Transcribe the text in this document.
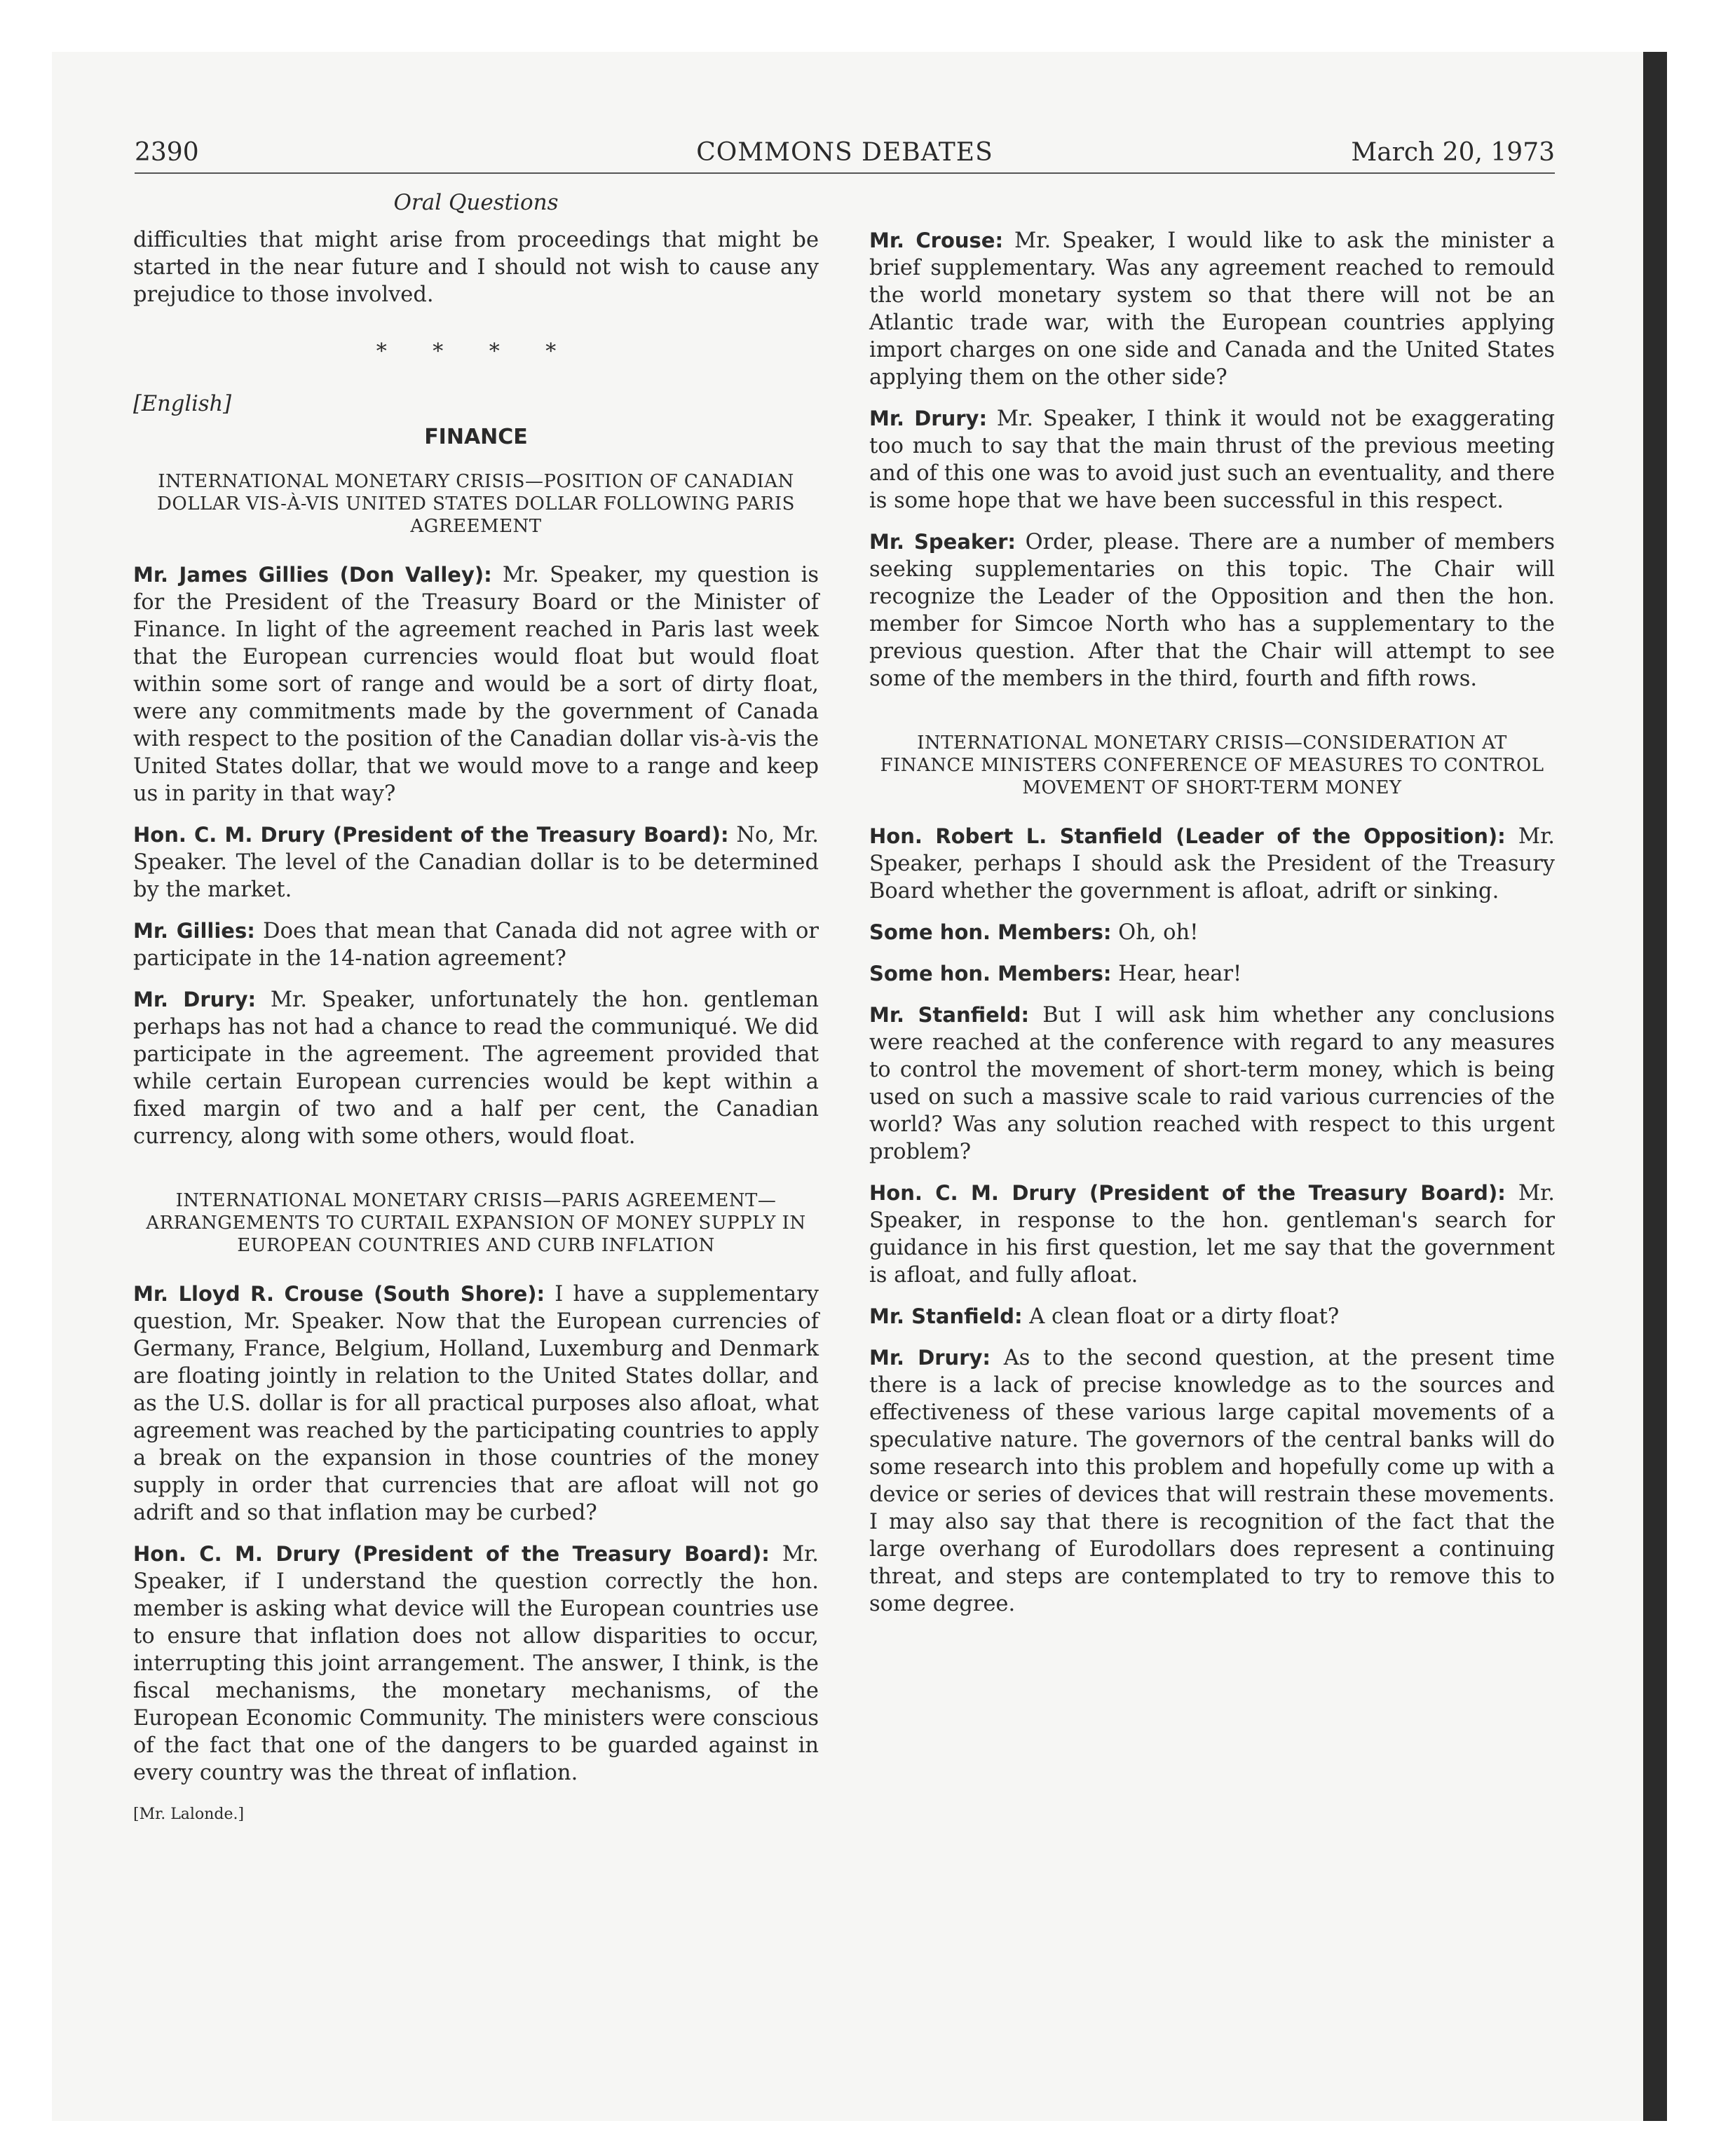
2390	COMMONS DEBATES	March 20, 1973
Oral Questions

difficulties that might arise from proceedings that might be started in the near future and I should not wish to cause any prejudice to those involved.

* * * *
[English]
FINANCE
INTERNATIONAL MONETARY CRISIS—POSITION OF CANADIAN DOLLAR VIS-À-VIS UNITED STATES DOLLAR FOLLOWING PARIS AGREEMENT

Mr. James Gillies (Don Valley): Mr. Speaker, my question is for the President of the Treasury Board or the Minister of Finance. In light of the agreement reached in Paris last week that the European currencies would float but would float within some sort of range and would be a sort of dirty float, were any commitments made by the government of Canada with respect to the position of the Canadian dollar vis-à-vis the United States dollar, that we would move to a range and keep us in parity in that way?

Hon. C. M. Drury (President of the Treasury Board): No, Mr. Speaker. The level of the Canadian dollar is to be determined by the market.

Mr. Gillies: Does that mean that Canada did not agree with or participate in the 14-nation agreement?

Mr. Drury: Mr. Speaker, unfortunately the hon. gentleman perhaps has not had a chance to read the communiqué. We did participate in the agreement. The agreement provided that while certain European currencies would be kept within a fixed margin of two and a half per cent, the Canadian currency, along with some others, would float.

INTERNATIONAL MONETARY CRISIS—PARIS AGREEMENT—ARRANGEMENTS TO CURTAIL EXPANSION OF MONEY SUPPLY IN EUROPEAN COUNTRIES AND CURB INFLATION

Mr. Lloyd R. Crouse (South Shore): I have a supplementary question, Mr. Speaker. Now that the European currencies of Germany, France, Belgium, Holland, Luxemburg and Denmark are floating jointly in relation to the United States dollar, and as the U.S. dollar is for all practical purposes also afloat, what agreement was reached by the participating countries to apply a break on the expansion in those countries of the money supply in order that currencies that are afloat will not go adrift and so that inflation may be curbed?

Hon. C. M. Drury (President of the Treasury Board): Mr. Speaker, if I understand the question correctly the hon. member is asking what device will the European countries use to ensure that inflation does not allow disparities to occur, interrupting this joint arrangement. The answer, I think, is the fiscal mechanisms, the monetary mechanisms, of the European Economic Community. The ministers were conscious of the fact that one of the dangers to be guarded against in every country was the threat of inflation.

[Mr. Lalonde.]

Mr. Crouse: Mr. Speaker, I would like to ask the minister a brief supplementary. Was any agreement reached to remould the world monetary system so that there will not be an Atlantic trade war, with the European countries applying import charges on one side and Canada and the United States applying them on the other side?

Mr. Drury: Mr. Speaker, I think it would not be exaggerating too much to say that the main thrust of the previous meeting and of this one was to avoid just such an eventuality, and there is some hope that we have been successful in this respect.

Mr. Speaker: Order, please. There are a number of members seeking supplementaries on this topic. The Chair will recognize the Leader of the Opposition and then the hon. member for Simcoe North who has a supplementary to the previous question. After that the Chair will attempt to see some of the members in the third, fourth and fifth rows.

INTERNATIONAL MONETARY CRISIS—CONSIDERATION AT FINANCE MINISTERS CONFERENCE OF MEASURES TO CONTROL MOVEMENT OF SHORT-TERM MONEY

Hon. Robert L. Stanfield (Leader of the Opposition): Mr. Speaker, perhaps I should ask the President of the Treasury Board whether the government is afloat, adrift or sinking.

Some hon. Members: Oh, oh!

Some hon. Members: Hear, hear!

Mr. Stanfield: But I will ask him whether any conclusions were reached at the conference with regard to any measures to control the movement of short-term money, which is being used on such a massive scale to raid various currencies of the world? Was any solution reached with respect to this urgent problem?

Hon. C. M. Drury (President of the Treasury Board): Mr. Speaker, in response to the hon. gentleman's search for guidance in his first question, let me say that the government is afloat, and fully afloat.

Mr. Stanfield: A clean float or a dirty float?

Mr. Drury: As to the second question, at the present time there is a lack of precise knowledge as to the sources and effectiveness of these various large capital movements of a speculative nature. The governors of the central banks will do some research into this problem and hopefully come up with a device or series of devices that will restrain these movements. I may also say that there is recognition of the fact that the large overhang of Eurodollars does represent a continuing threat, and steps are contemplated to try to remove this to some degree.
